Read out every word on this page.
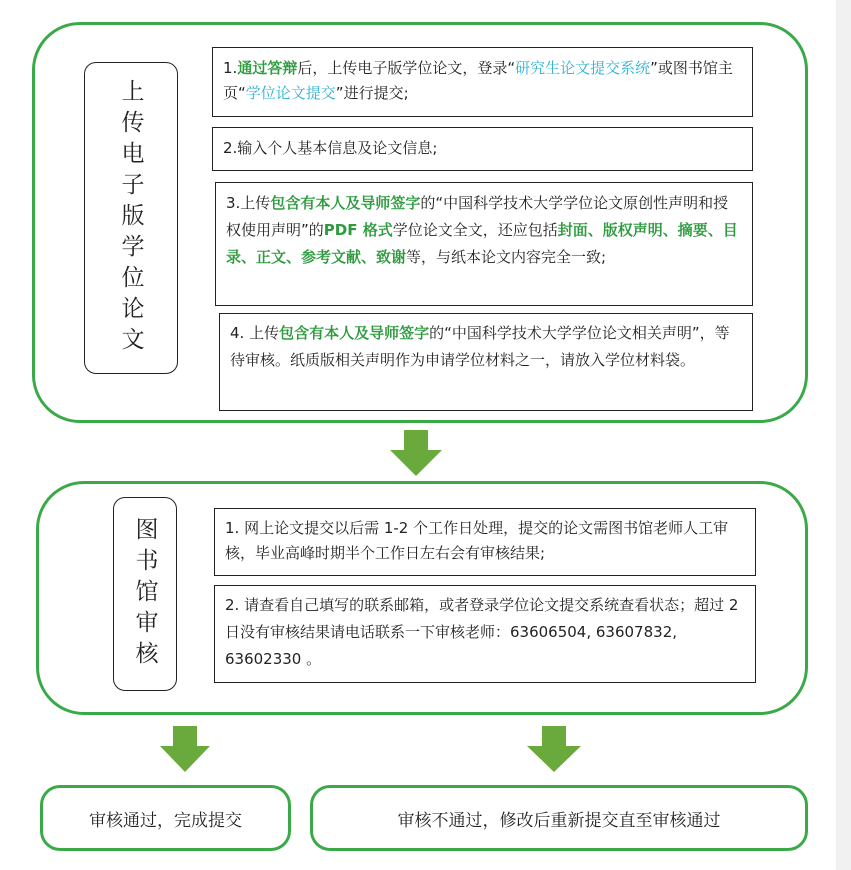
上传电子版学位论文
1.通过答辩后，上传电子版学位论文，登录“研究生论文提交系统”或图书馆主页“学位论文提交”进行提交;
2.输入个人基本信息及论文信息;
3.上传包含有本人及导师签字的“中国科学技术大学学位论文原创性声明和授权使用声明”的PDF 格式学位论文全文，还应包括封面、版权声明、摘要、目录、正文、参考文献、致谢等，与纸本论文内容完全一致;
4. 上传包含有本人及导师签字的“中国科学技术大学学位论文相关声明”，等待审核。纸质版相关声明作为申请学位材料之一，请放入学位材料袋。
图书馆审核	1. 网上论文提交以后需 1-2 个工作日处理，提交的论文需图书馆老师人工审核，毕业高峰时期半个工作日左右会有审核结果;
2. 请查看自己填写的联系邮箱，或者登录学位论文提交系统查看状态；超过 2 日没有审核结果请电话联系一下审核老师：63606504, 63607832, 63602330 。
审核通过，完成提交	审核不通过，修改后重新提交直至审核通过
